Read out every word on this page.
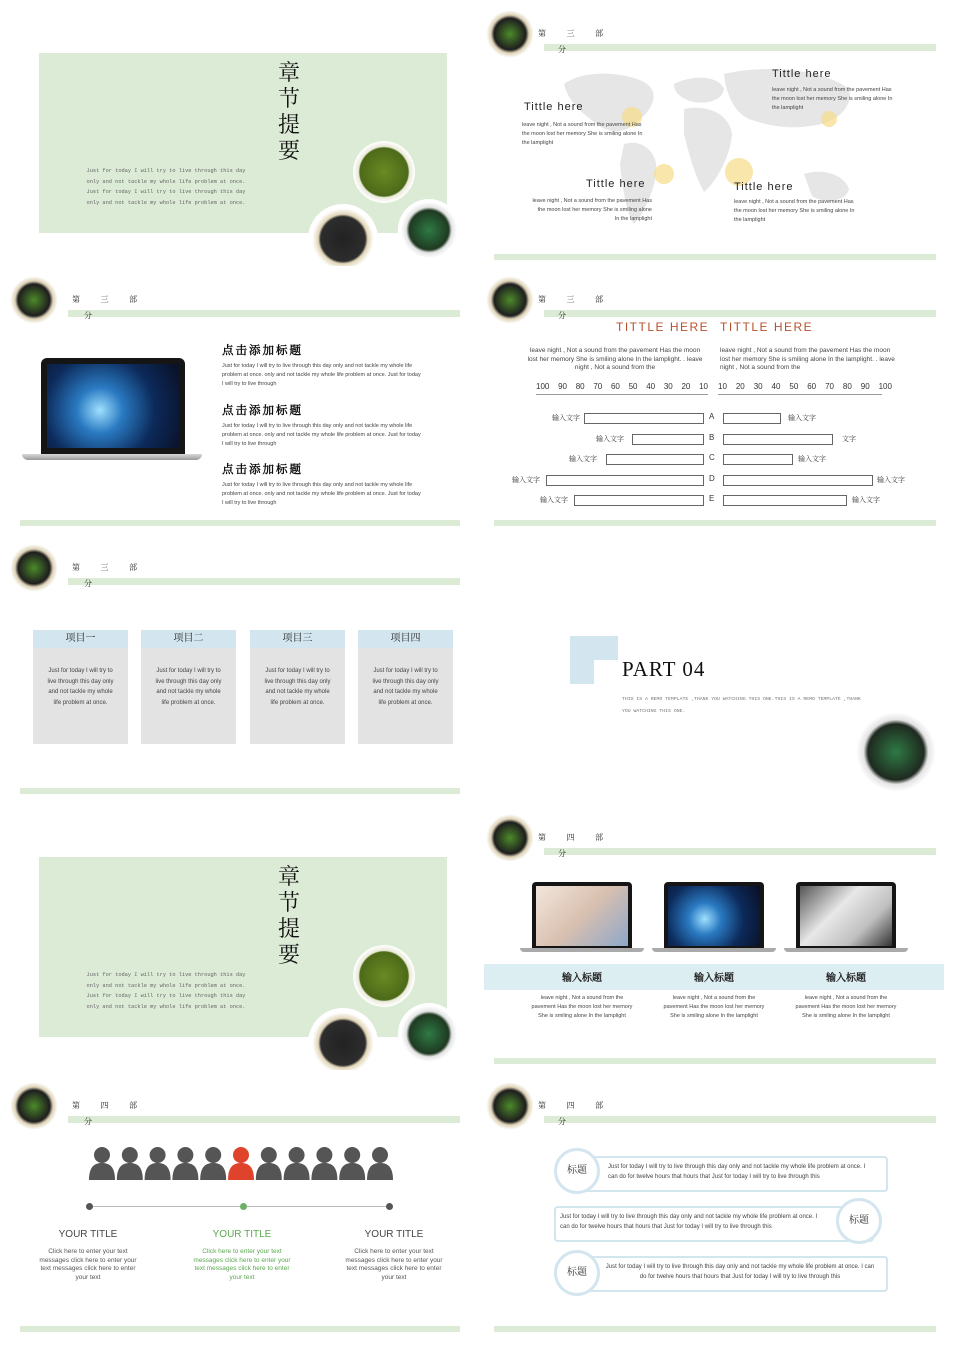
章
节
提
要
Just for today I will try to live through this day only and not tackle my whole life problem at once. Just for today I will try to live through this day only and not tackle my whole life problem at once.
第 三 部
分
Tittle here
leave night , Not a sound from the pavement Has the moon lost her memory She is smiling alone In the lamplight
Tittle here
leave night , Not a sound from the pavement Has the moon lost her memory She is smiling alone In the lamplight
Tittle here
leave night , Not a sound from the pavement Has the moon lost her memory She is smiling alone In the lamplight
Tittle here
leave night , Not a sound from the pavement Has the moon lost her memory She is smiling alone In the lamplight
第 三 部
分
点击添加标题
Just for today I will try to live through this day only and not tackle my whole life problem at once. only and not tackle my whole life problem at once. Just for today I will try to live through
点击添加标题
Just for today I will try to live through this day only and not tackle my whole life problem at once. only and not tackle my whole life problem at once. Just for today I will try to live through
点击添加标题
Just for today I will try to live through this day only and not tackle my whole life problem at once. only and not tackle my whole life problem at once. Just for today I will try to live through
第 三 部
分
TITTLE HERE TITTLE HERE
leave night , Not a sound from the pavement Has the moon lost her memory She is smiling alone In the lamplight. . leave night , Not a sound from the
leave night , Not a sound from the pavement Has the moon lost her memory She is smiling alone In the lamplight. . leave night , Not a sound from the
100 90 80 70 60 50 40 30 20 10 10 20 30 40 50 60 70 80 90 100
输入文字	A	输入文字
输入文字	B	文字
输入文字	C	输入文字
输入文字	D	输入文字
输入文字	E	输入文字
第 三 部
分
项目一
Just for today I will try to live through this day only and not tackle my whole life problem at once.
项目二
Just for today I will try to live through this day only and not tackle my whole life problem at once.
项目三
Just for today I will try to live through this day only and not tackle my whole life problem at once.
项目四
Just for today I will try to live through this day only and not tackle my whole life problem at once.
PART 04
THIS IS A REMO TEMPLATE ,THANK YOU WATCHING THIS ONE.THIS IS A REMO TEMPLATE ,THANK YOU WATCHING THIS ONE.
章
节
提
要
Just for today I will try to live through this day only and not tackle my whole life problem at once. Just for today I will try to live through this day only and not tackle my whole life problem at once.
第 四 部
分
输入标题	输入标题	输入标题
leave night , Not a sound from the pavement Has the moon lost her memory She is smiling alone In the lamplight
leave night , Not a sound from the pavement Has the moon lost her memory She is smiling alone In the lamplight
leave night , Not a sound from the pavement Has the moon lost her memory She is smiling alone In the lamplight
第 四 部
分
YOUR TITLE	YOUR TITLE	YOUR TITLE
Click here to enter your text messages click here to enter your text messages click here to enter your text
Click here to enter your text messages click here to enter your text messages click here to enter your text
Click here to enter your text messages click here to enter your text messages click here to enter your text
第 四 部
分
标题	Just for today I will try to live through this day only and not tackle my whole life problem at once. I can do for twelve hours that hours that Just for today I will try to live through this
标题
Just for today I will try to live through this day only and not tackle my whole life problem at once. I can do for twelve hours that hours that Just for today I will try to live through this
标题	Just for today I will try to live through this day only and not tackle my whole life problem at once. I can do for twelve hours that hours that Just for today I will try to live through this
